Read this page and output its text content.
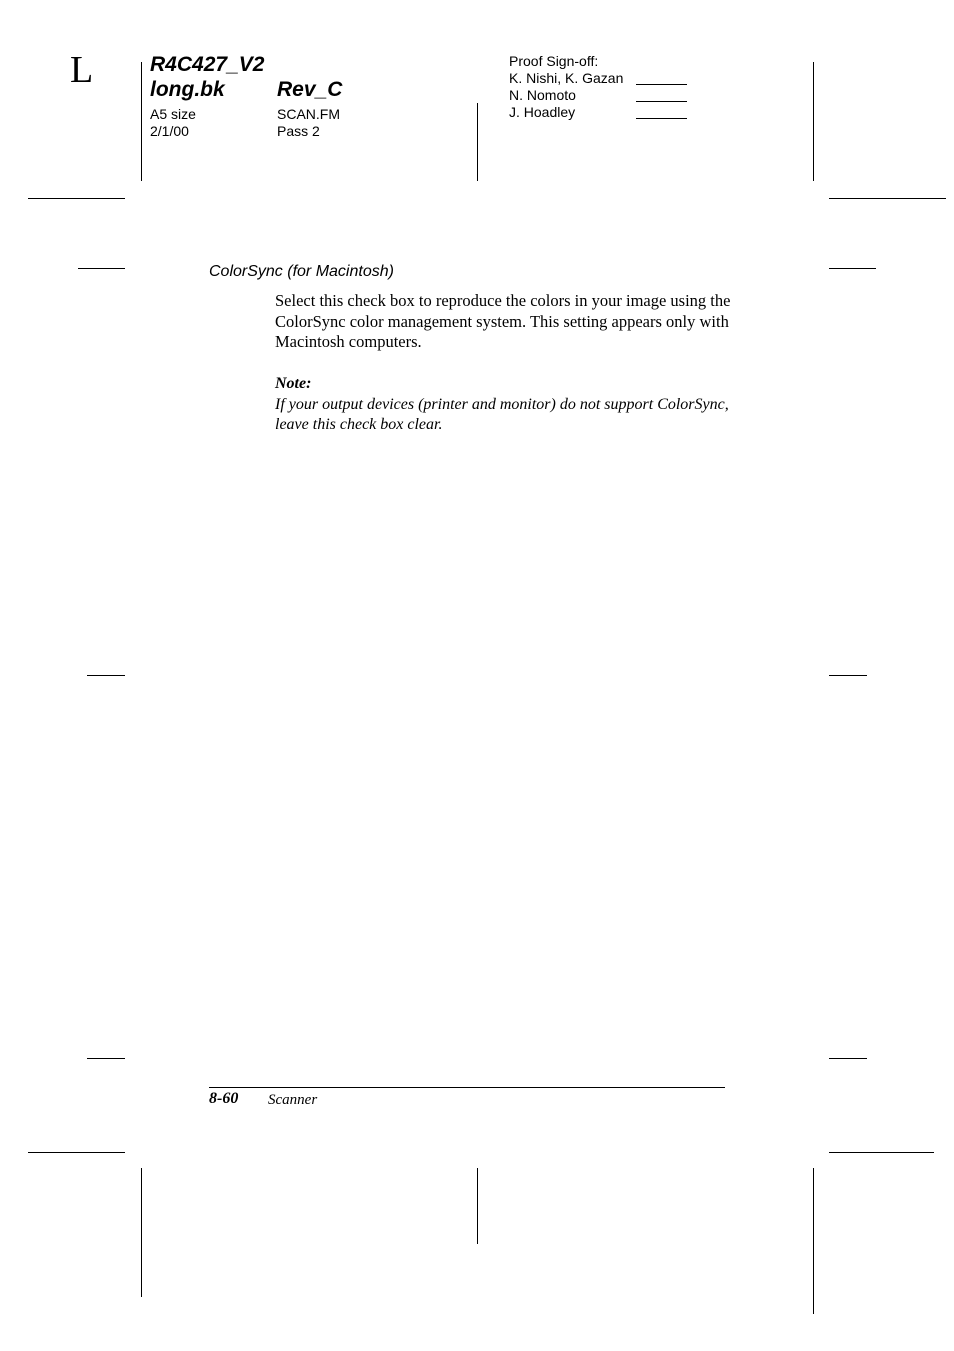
L	R4C427_V2
long.bk Rev_C
A5 size
2/1/00
SCAN.FM
Pass 2
Proof Sign-off:
K. Nishi, K. Gazan
N. Nomoto
J. Hoadley
ColorSync (for Macintosh)
Select this check box to reproduce the colors in your image using the ColorSync color management system. This setting appears only with Macintosh computers.
Note:
If your output devices (printer and monitor) do not support ColorSync, leave this check box clear.
8-60 Scanner
